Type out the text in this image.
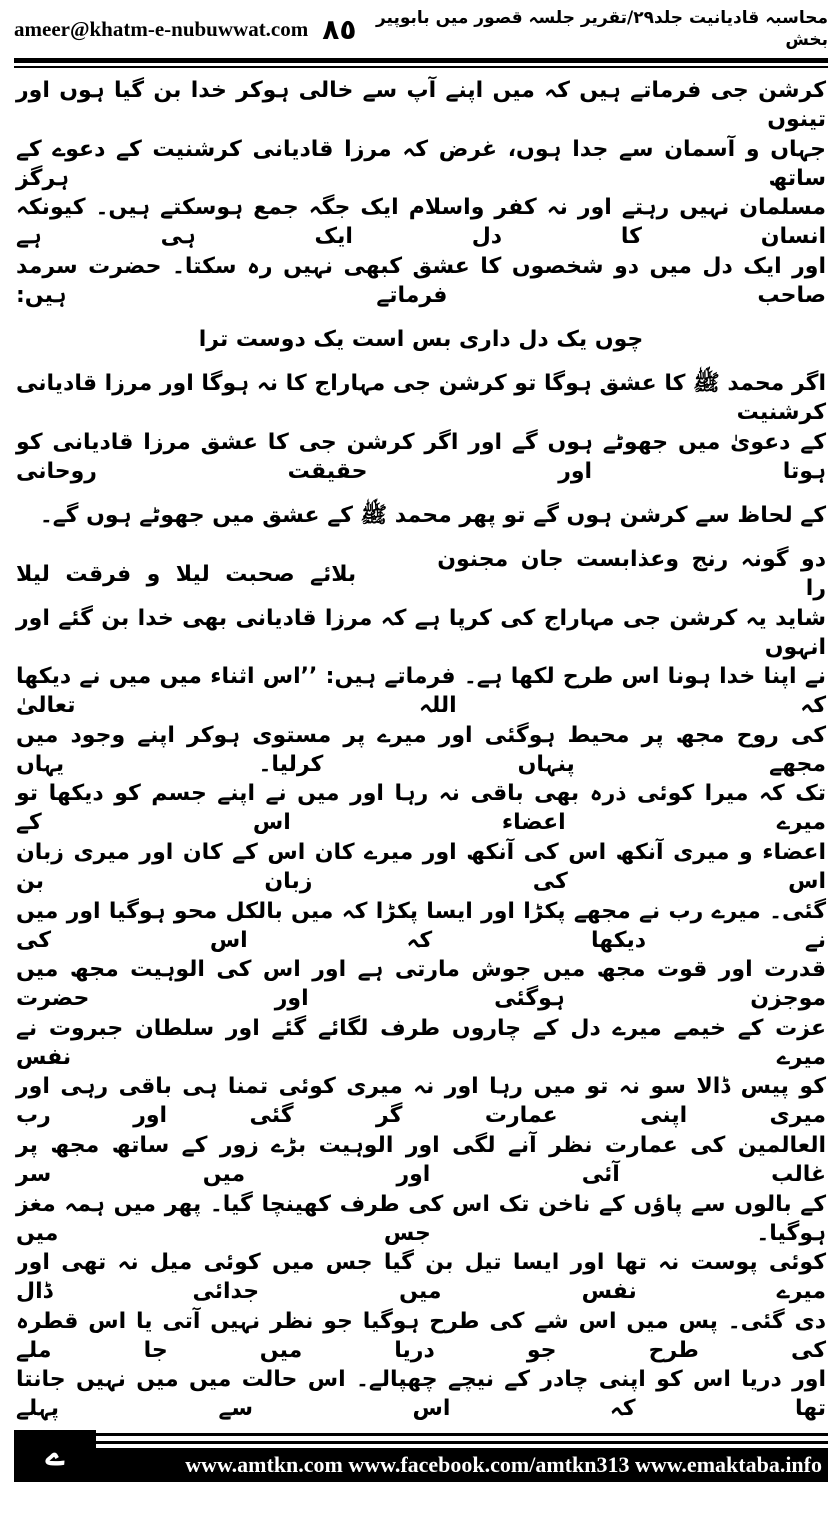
ameer@khatm-e-nubuwwat.com ٨٥	محاسبہ قادیانیت جلد۲۹/تقریر جلسہ قصور میں بابوپیر بخش
کرشن جی فرماتے ہیں کہ میں اپنے آپ سے خالی ہوکر خدا بن گیا ہوں اور تینوں
جہاں و آسمان سے جدا ہوں، غرض کہ مرزا قادیانی کرشنیت کے دعوے کے ساتھ ہرگز
مسلمان نہیں رہتے اور نہ کفر واسلام ایک جگہ جمع ہوسکتے ہیں۔ کیونکہ انسان کا دل ایک ہی ہے
اور ایک دل میں دو شخصوں کا عشق کبھی نہیں رہ سکتا۔ حضرت سرمد صاحب فرماتے ہیں:
چوں یک دل داری بس است یک دوست ترا
اگر محمد ﷺ کا عشق ہوگا تو کرشن جی مہاراج کا نہ ہوگا اور مرزا قادیانی کرشنیت
کے دعویٰ میں جھوٹے ہوں گے اور اگر کرشن جی کا عشق مرزا قادیانی کو ہوتا اور حقیقت روحانی
کے لحاظ سے کرشن ہوں گے تو پھر محمد ﷺ کے عشق میں جھوٹے ہوں گے۔
دو گونہ رنج وعذابست جان مجنون را
بلائے صحبت لیلا و فرقت لیلا
شاید یہ کرشن جی مہاراج کی کرپا ہے کہ مرزا قادیانی بھی خدا بن گئے اور انہوں
نے اپنا خدا ہونا اس طرح لکھا ہے۔ فرماتے ہیں: ’’اس اثناء میں میں نے دیکھا کہ اللہ تعالیٰ
کی روح مجھ پر محیط ہوگئی اور میرے پر مستوی ہوکر اپنے وجود میں مجھے پنہاں کرلیا۔ یہاں
تک کہ میرا کوئی ذرہ بھی باقی نہ رہا اور میں نے اپنے جسم کو دیکھا تو میرے اعضاء اس کے
اعضاء و میری آنکھ اس کی آنکھ اور میرے کان اس کے کان اور میری زبان اس کی زبان بن
گئی۔ میرے رب نے مجھے پکڑا اور ایسا پکڑا کہ میں بالکل محو ہوگیا اور میں نے دیکھا کہ اس کی
قدرت اور قوت مجھ میں جوش مارتی ہے اور اس کی الوہیت مجھ میں موجزن ہوگئی اور حضرت
عزت کے خیمے میرے دل کے چاروں طرف لگائے گئے اور سلطان جبروت نے میرے نفس
کو پیس ڈالا سو نہ تو میں رہا اور نہ میری کوئی تمنا ہی باقی رہی اور میری اپنی عمارت گر گئی اور رب
العالمین کی عمارت نظر آنے لگی اور الوہیت بڑے زور کے ساتھ مجھ پر غالب آئی اور میں سر
کے بالوں سے پاؤں کے ناخن تک اس کی طرف کھینچا گیا۔ پھر میں ہمہ مغز ہوگیا۔ جس میں
کوئی پوست نہ تھا اور ایسا تیل بن گیا جس میں کوئی میل نہ تھی اور میرے نفس میں جدائی ڈال
دی گئی۔ پس میں اس شے کی طرح ہوگیا جو نظر نہیں آتی یا اس قطرہ کی طرح جو دریا میں جا ملے
اور دریا اس کو اپنی چادر کے نیچے چھپالے۔ اس حالت میں میں نہیں جانتا تھا کہ اس سے پہلے
ے	www.amtkn.com www.facebook.com/amtkn313 www.emaktaba.info
